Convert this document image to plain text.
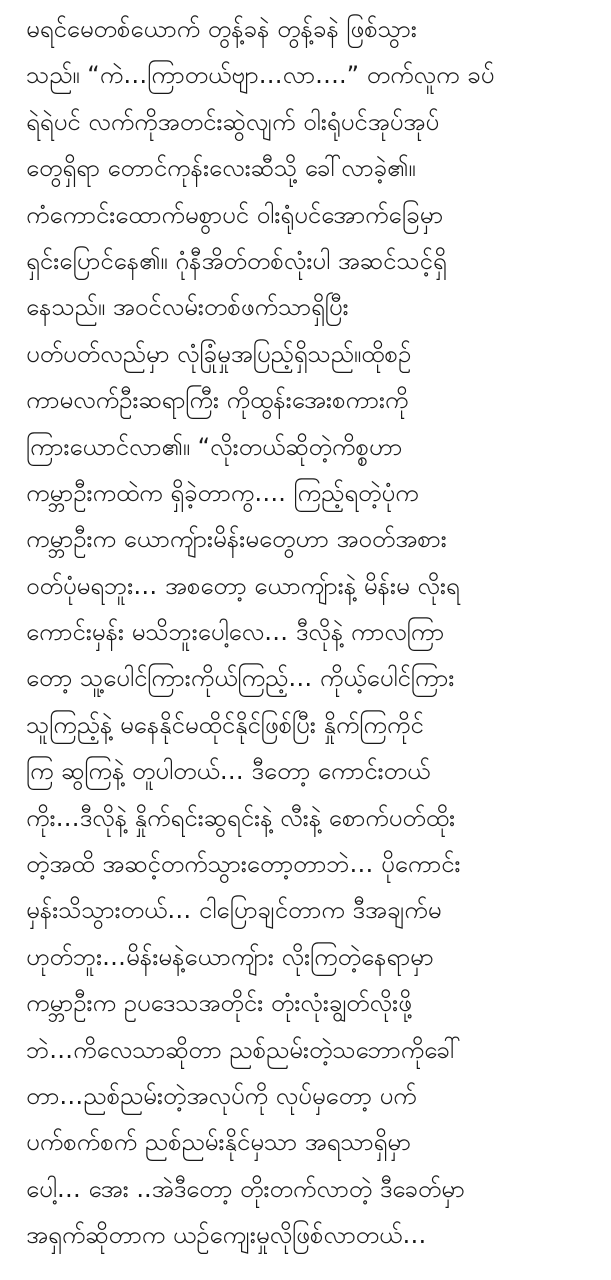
မရင်မေတစ်ယောက် တွန့်ခနဲ တွန့်ခနဲ ဖြစ်သွား
သည်။ “ကဲ…ကြာတယ်ဗျာ…လာ….” တက်လူက ခပ်
ရဲရဲပင် လက်ကိုအတင်းဆွဲလျက် ဝါးရုံပင်အုပ်အုပ်
တွေရှိရာ တောင်ကုန်းလေးဆီသို့ ခေါ်လာခဲ့၏။
ကံကောင်းထောက်မစွာပင် ဝါးရုံပင်အောက်ခြေမှာ
ရှင်းပြောင်နေ၏။ ဂုံနီအိတ်တစ်လုံးပါ အဆင်သင့်ရှိ
နေသည်။ အဝင်လမ်းတစ်ဖက်သာရှိပြီး
ပတ်ပတ်လည်မှာ လုံခြုံမှုအပြည့်ရှိသည်။ထိုစဉ်
ကာမလက်ဦးဆရာကြီး ကိုထွန်းအေးစကားကို
ကြားယောင်လာ၏။ “လိုးတယ်ဆိုတဲ့ကိစ္စဟာ
ကမ္ဘာဦးကထဲက ရှိခဲ့တာကွ…. ကြည့်ရတဲ့ပုံက
ကမ္ဘာဦးက ယောကျ်ားမိန်းမတွေဟာ အဝတ်အစား
ဝတ်ပုံမရဘူး… အစတော့ ယောကျ်ားနဲ့ မိန်းမ လိုးရ
ကောင်းမှန်း မသိဘူးပေါ့လေ… ဒီလိုနဲ့ ကာလကြာ
တော့ သူ့ပေါင်ကြားကိုယ်ကြည့်… ကိုယ့်ပေါင်ကြား
သူကြည့်နဲ့ မနေနိုင်မထိုင်နိုင်ဖြစ်ပြီး နှိုက်ကြကိုင်
ကြ ဆွကြနဲ့ တူပါတယ်… ဒီတော့ ကောင်းတယ်
ကိုး…ဒီလိုနဲ့ နှိုက်ရင်းဆွရင်းနဲ့ လီးနဲ့ စောက်ပတ်ထိုး
တဲ့အထိ အဆင့်တက်သွားတော့တာဘဲ… ပိုကောင်း
မှန်းသိသွားတယ်… ငါပြောချင်တာက ဒီအချက်မ
ဟုတ်ဘူး…မိန်းမနဲ့ယောကျ်ား လိုးကြတဲ့နေရာမှာ
ကမ္ဘာဦးက ဥပဒေသအတိုင်း တုံးလုံးချွတ်လိုးဖို့
ဘဲ…ကိလေသာဆိုတာ ညစ်ညမ်းတဲ့သဘောကိုခေါ်
တာ…ညစ်ညမ်းတဲ့အလုပ်ကို လုပ်မှတော့ ပက်
ပက်စက်စက် ညစ်ညမ်းနိုင်မှသာ အရသာရှိမှာ
ပေါ့… အေး ..အဲဒီတော့ တိုးတက်လာတဲ့ ဒီခေတ်မှာ
အရှက်ဆိုတာက ယဉ်ကျေးမှုလိုဖြစ်လာတယ်…
